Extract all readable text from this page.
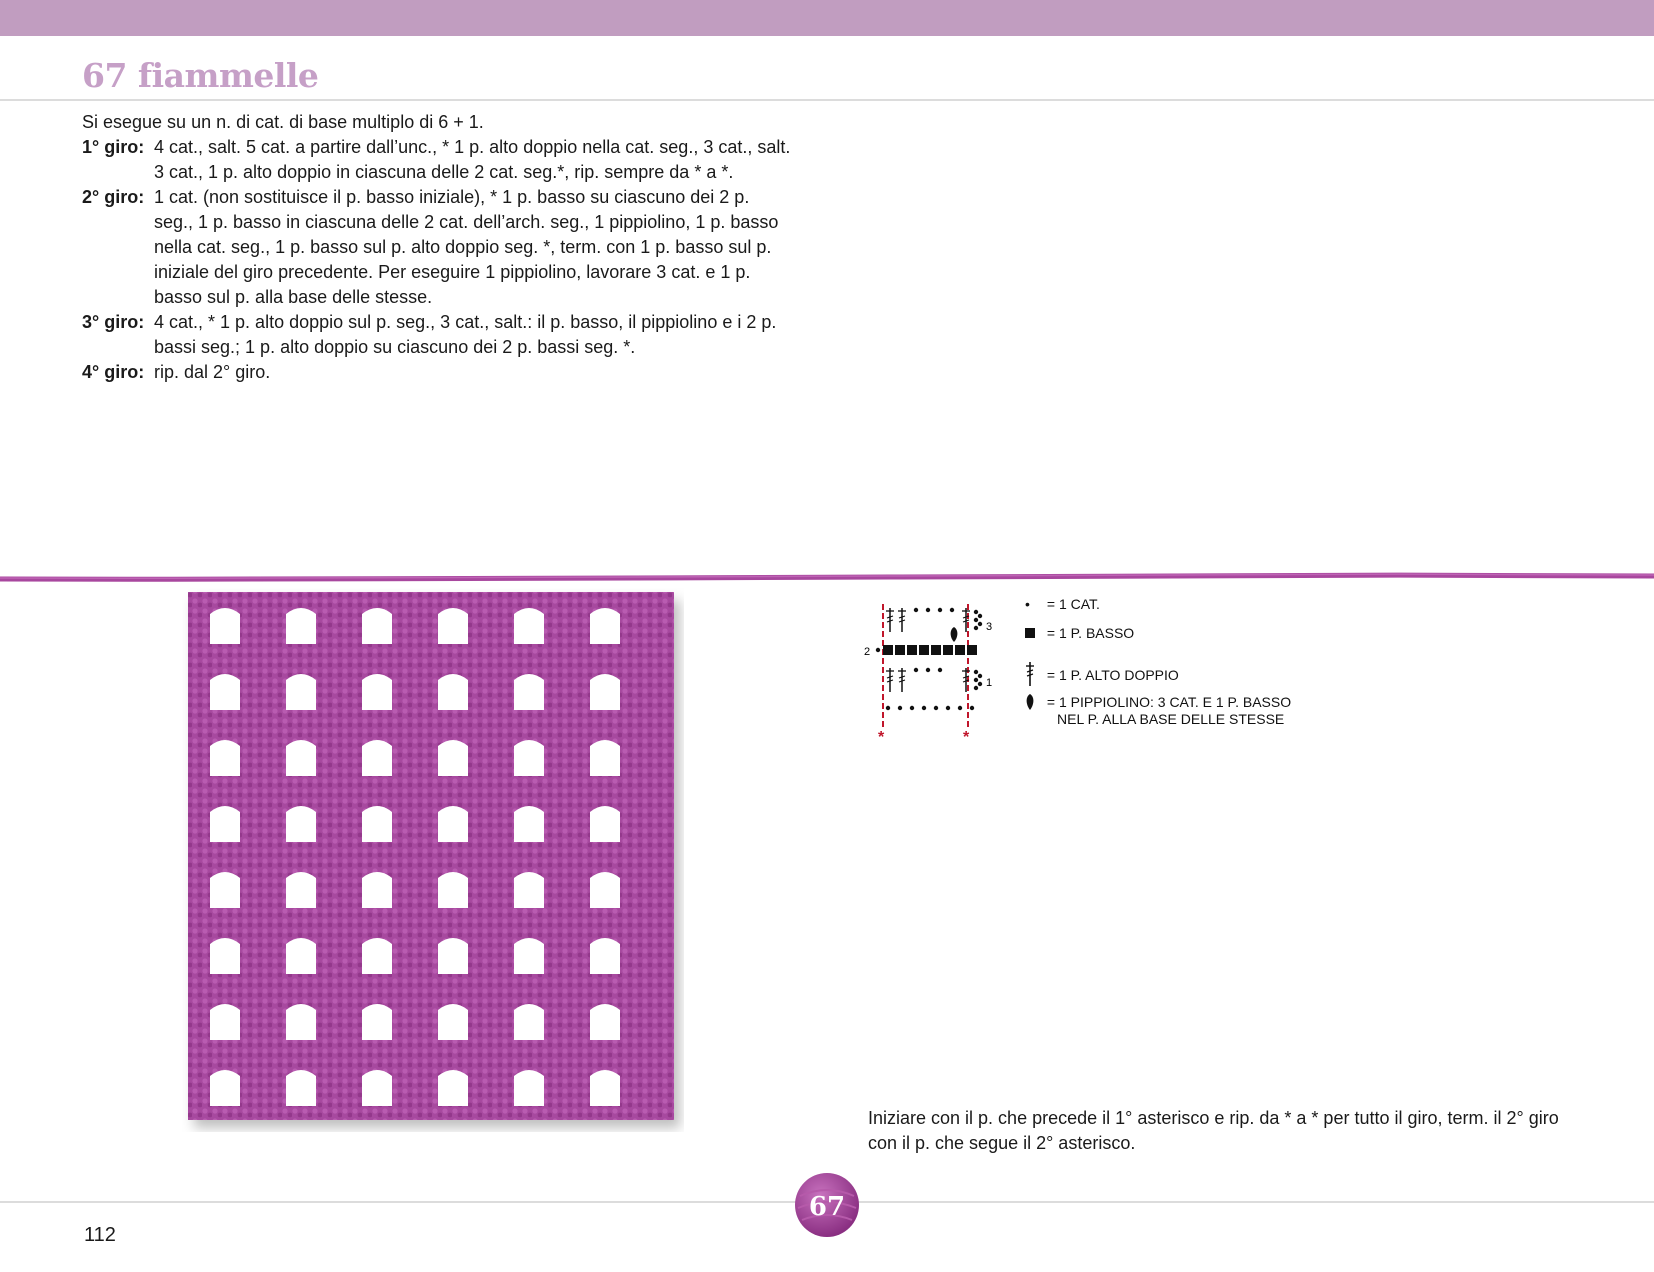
67 fiammelle

Si esegue su un n. di cat. di base multiplo di 6 + 1.

1° giro: 4 cat., salt. 5 cat. a partire dall’unc., * 1 p. alto doppio nella cat. seg., 3 cat., salt. 3 cat., 1 p. alto doppio in ciascuna delle 2 cat. seg.*, rip. sempre da * a *.
2° giro: 1 cat. (non sostituisce il p. basso iniziale), * 1 p. basso su ciascuno dei 2 p. seg., 1 p. basso in ciascuna delle 2 cat. dell’arch. seg., 1 pippiolino, 1 p. basso nella cat. seg., 1 p. basso sul p. alto doppio seg. *, term. con 1 p. basso sul p. iniziale del giro precedente. Per eseguire 1 pippiolino, lavorare 3 cat. e 1 p. basso sul p. alla base delle stesse.
3° giro: 4 cat., * 1 p. alto doppio sul p. seg., 3 cat., salt.: il p. basso, il pippiolino e i 2 p. bassi seg.; 1 p. alto doppio su ciascuno dei 2 p. bassi seg. *.
4° giro: rip. dal 2° giro.
3
2
1
*	*
• = 1 CAT.
= 1 P. BASSO
= 1 P. ALTO DOPPIO
= 1 PIPPIOLINO: 3 CAT. E 1 P. BASSO
NEL P. ALLA BASE DELLE STESSE

Iniziare con il p. che precede il 1° asterisco e rip. da * a * per tutto il giro, term. il 2° giro con il p. che segue il 2° asterisco.

112
67
